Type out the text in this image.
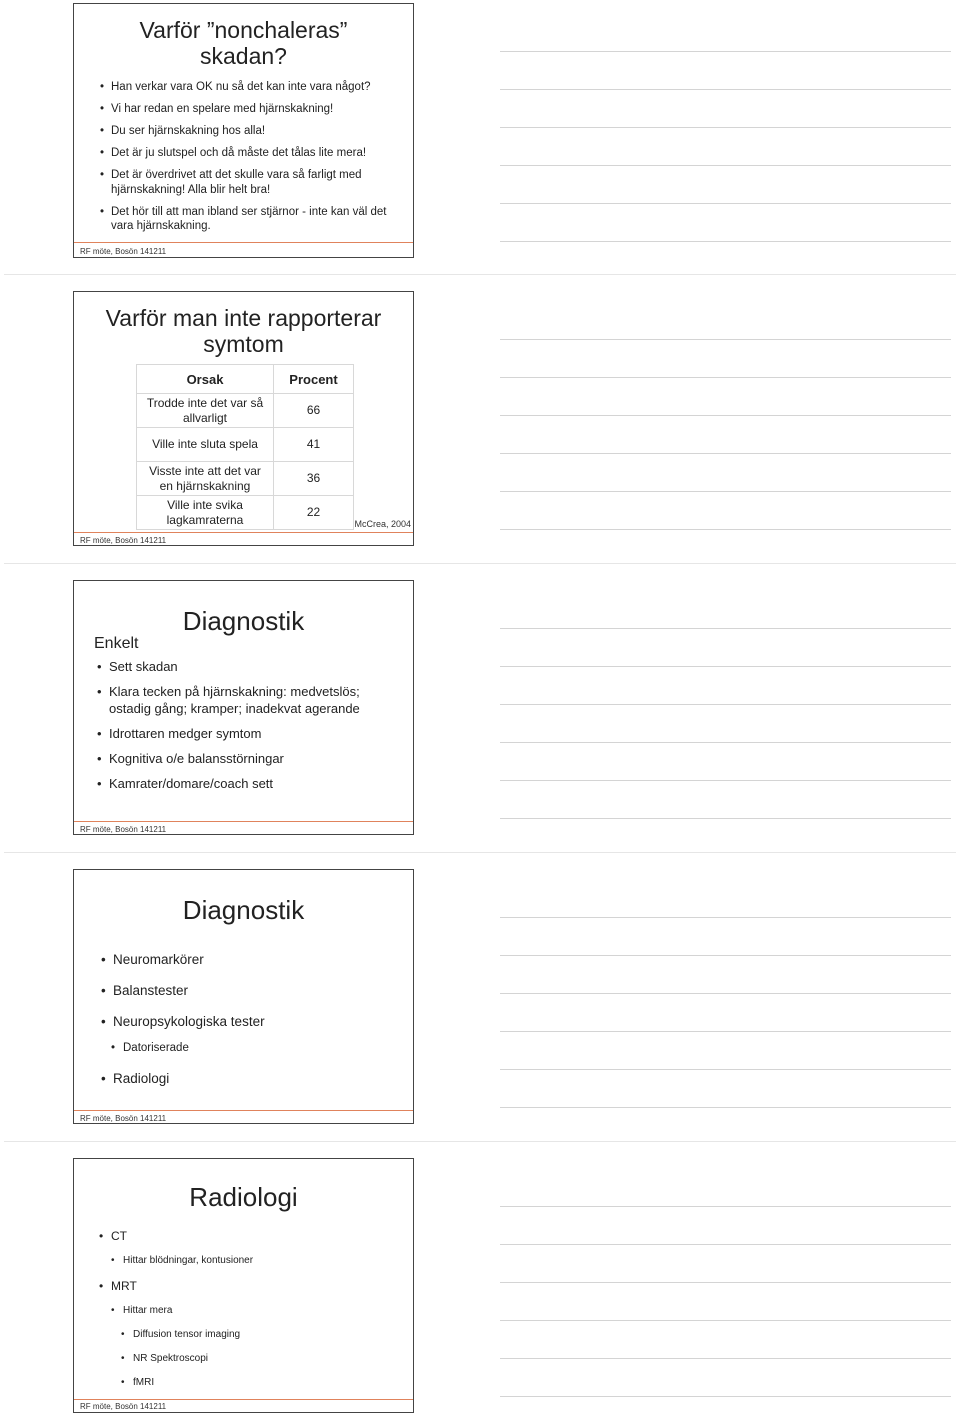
Varför ”nonchaleras”
skadan?
• Han verkar vara OK nu så det kan inte vara något?
• Vi har redan en spelare med hjärnskakning!
• Du ser hjärnskakning hos alla!
• Det är ju slutspel och då måste det tålas lite mera!
• Det är överdrivet att det skulle vara så farligt med hjärnskakning! Alla blir helt bra!
• Det hör till att man ibland ser stjärnor - inte kan väl det vara hjärnskakning.
RF möte, Bosön 141211
Varför man inte rapporterar
symtom
Orsak	Procent
Trodde inte det var så allvarligt	66
Ville inte sluta spela	41
Visste inte att det var en hjärnskakning	36
Ville inte svika lagkamraterna	22
McCrea, 2004
RF möte, Bosön 141211
Diagnostik
Enkelt
• Sett skadan
• Klara tecken på hjärnskakning: medvetslös; ostadig gång; kramper; inadekvat agerande
• Idrottaren medger symtom
• Kognitiva o/e balansstörningar
• Kamrater/domare/coach sett
RF möte, Bosön 141211
Diagnostik
• Neuromarkörer
• Balanstester
• Neuropsykologiska tester
• Datoriserade
• Radiologi
RF möte, Bosön 141211
Radiologi
• CT
• Hittar blödningar, kontusioner
• MRT
• Hittar mera
• Diffusion tensor imaging
• NR Spektroscopi
• fMRI
RF möte, Bosön 141211
